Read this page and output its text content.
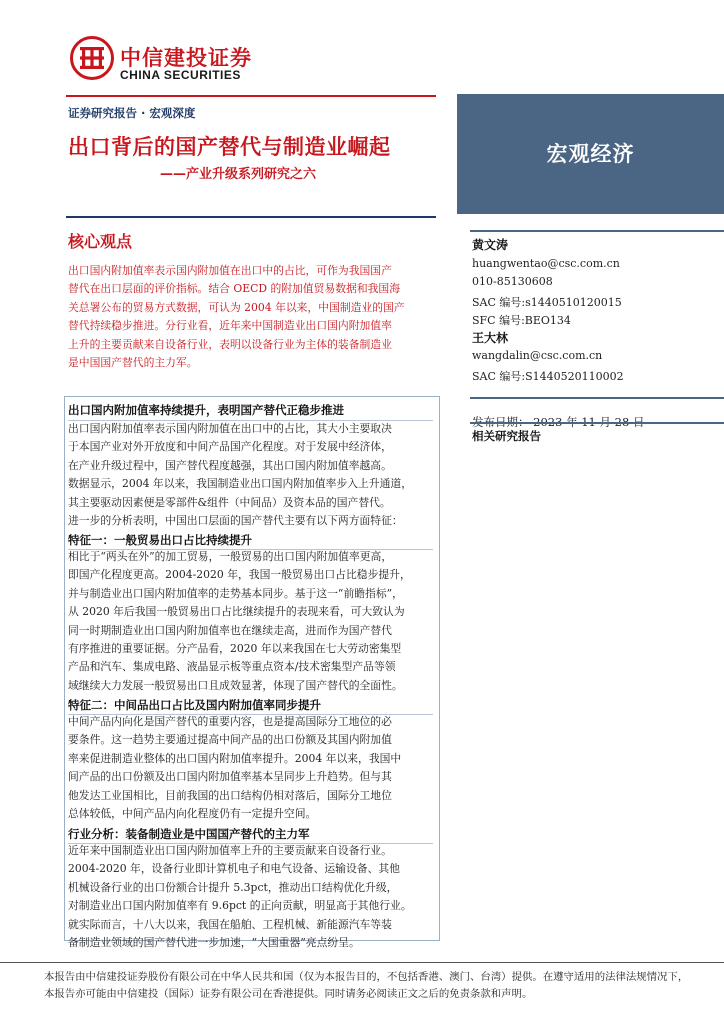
中信建投证券
CHINA SECURITIES
证券研究报告 · 宏观深度
出口背后的国产替代与制造业崛起
——产业升级系列研究之六
宏观经济
核心观点
出口国内附加值率表示国内附加值在出口中的占比，可作为我国国产
替代在出口层面的评价指标。结合 OECD 的附加值贸易数据和我国海
关总署公布的贸易方式数据，可认为 2004 年以来，中国制造业的国产
替代持续稳步推进。分行业看，近年来中国制造业出口国内附加值率
上升的主要贡献来自设备行业，表明以设备行业为主体的装备制造业
是中国国产替代的主力军。
出口国内附加值率持续提升，表明国产替代正稳步推进
出口国内附加值率表示国内附加值在出口中的占比，其大小主要取决
于本国产业对外开放度和中间产品国产化程度。对于发展中经济体，
在产业升级过程中，国产替代程度越强，其出口国内附加值率越高。
数据显示，2004 年以来，我国制造业出口国内附加值率步入上升通道，
其主要驱动因素便是零部件&组件（中间品）及资本品的国产替代。
进一步的分析表明，中国出口层面的国产替代主要有以下两方面特征：
特征一：一般贸易出口占比持续提升
相比于“两头在外”的加工贸易，一般贸易的出口国内附加值率更高，
即国产化程度更高。2004-2020 年，我国一般贸易出口占比稳步提升，
并与制造业出口国内附加值率的走势基本同步。基于这一“前瞻指标”，
从 2020 年后我国一般贸易出口占比继续提升的表现来看，可大致认为
同一时期制造业出口国内附加值率也在继续走高，进而作为国产替代
有序推进的重要证据。分产品看，2020 年以来我国在七大劳动密集型
产品和汽车、集成电路、液晶显示板等重点资本/技术密集型产品等领
域继续大力发展一般贸易出口且成效显著，体现了国产替代的全面性。
特征二：中间品出口占比及国内附加值率同步提升
中间产品内向化是国产替代的重要内容，也是提高国际分工地位的必
要条件。这一趋势主要通过提高中间产品的出口份额及其国内附加值
率来促进制造业整体的出口国内附加值率提升。2004 年以来，我国中
间产品的出口份额及出口国内附加值率基本呈同步上升趋势。但与其
他发达工业国相比，目前我国的出口结构仍相对落后，国际分工地位
总体较低，中间产品内向化程度仍有一定提升空间。
行业分析：装备制造业是中国国产替代的主力军
近年来中国制造业出口国内附加值率上升的主要贡献来自设备行业。
2004-2020 年，设备行业即计算机电子和电气设备、运输设备、其他
机械设备行业的出口份额合计提升 5.3pct，推动出口结构优化升级，
对制造业出口国内附加值率有 9.6pct 的正向贡献，明显高于其他行业。
就实际而言，十八大以来，我国在船舶、工程机械、新能源汽车等装
备制造业领域的国产替代进一步加速，“大国重器”亮点纷呈。
黄文涛
huangwentao@csc.com.cn
010-85130608
SAC 编号:s1440510120015
SFC 编号:BEO134
王大林
wangdalin@csc.com.cn
SAC 编号:S1440520110002
相关研究报告
本报告由中信建投证券股份有限公司在中华人民共和国（仅为本报告目的，不包括香港、澳门、台湾）提供。在遵守适用的法律法规情况下，
本报告亦可能由中信建投（国际）证券有限公司在香港提供。同时请务必阅读正文之后的免责条款和声明。
